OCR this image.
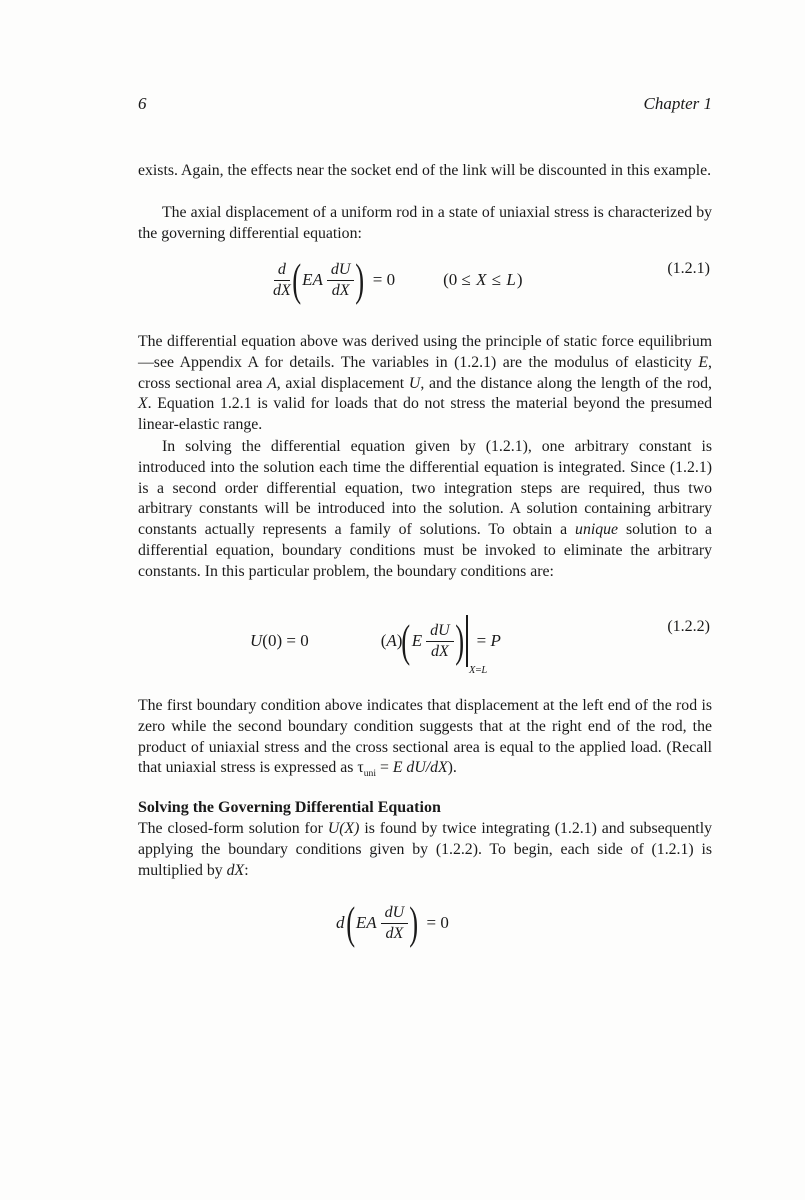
6	Chapter 1

exists. Again, the effects near the socket end of the link will be discounted in this example.

The axial displacement of a uniform rod in a state of uniaxial stress is characterized by the governing differential equation:

$\frac{d}{dX}$ ( EA $\frac{dU}{dX}$ ) = 0	(0 ≤ X ≤ L)
(1.2.1)

The differential equation above was derived using the principle of static force equilibrium—see Appendix A for details. The variables in (1.2.1) are the modulus of elasticity E, cross sectional area A, axial displacement U, and the distance along the length of the rod, X. Equation 1.2.1 is valid for loads that do not stress the material beyond the presumed linear-elastic range.

In solving the differential equation given by (1.2.1), one arbitrary constant is introduced into the solution each time the differential equation is integrated. Since (1.2.1) is a second order differential equation, two integration steps are required, thus two arbitrary constants will be introduced into the solution. A solution containing arbitrary constants actually represents a family of solutions. To obtain a unique solution to a differential equation, boundary conditions must be invoked to eliminate the arbitrary constants. In this particular problem, the boundary conditions are:

U(0) = 0	(A) ( E $\frac{dU}{dX}$ )
X=L
= P
(1.2.2)

The first boundary condition above indicates that displacement at the left end of the rod is zero while the second boundary condition suggests that at the right end of the rod, the product of uniaxial stress and the cross sectional area is equal to the applied load. (Recall that uniaxial stress is expressed as $\tau_{uni} = E$ dU/dX).

Solving the Governing Differential Equation

The closed-form solution for U(X) is found by twice integrating (1.2.1) and subsequently applying the boundary conditions given by (1.2.2). To begin, each side of (1.2.1) is multiplied by dX:

d ( EA $\frac{dU}{dX}$ ) = 0
